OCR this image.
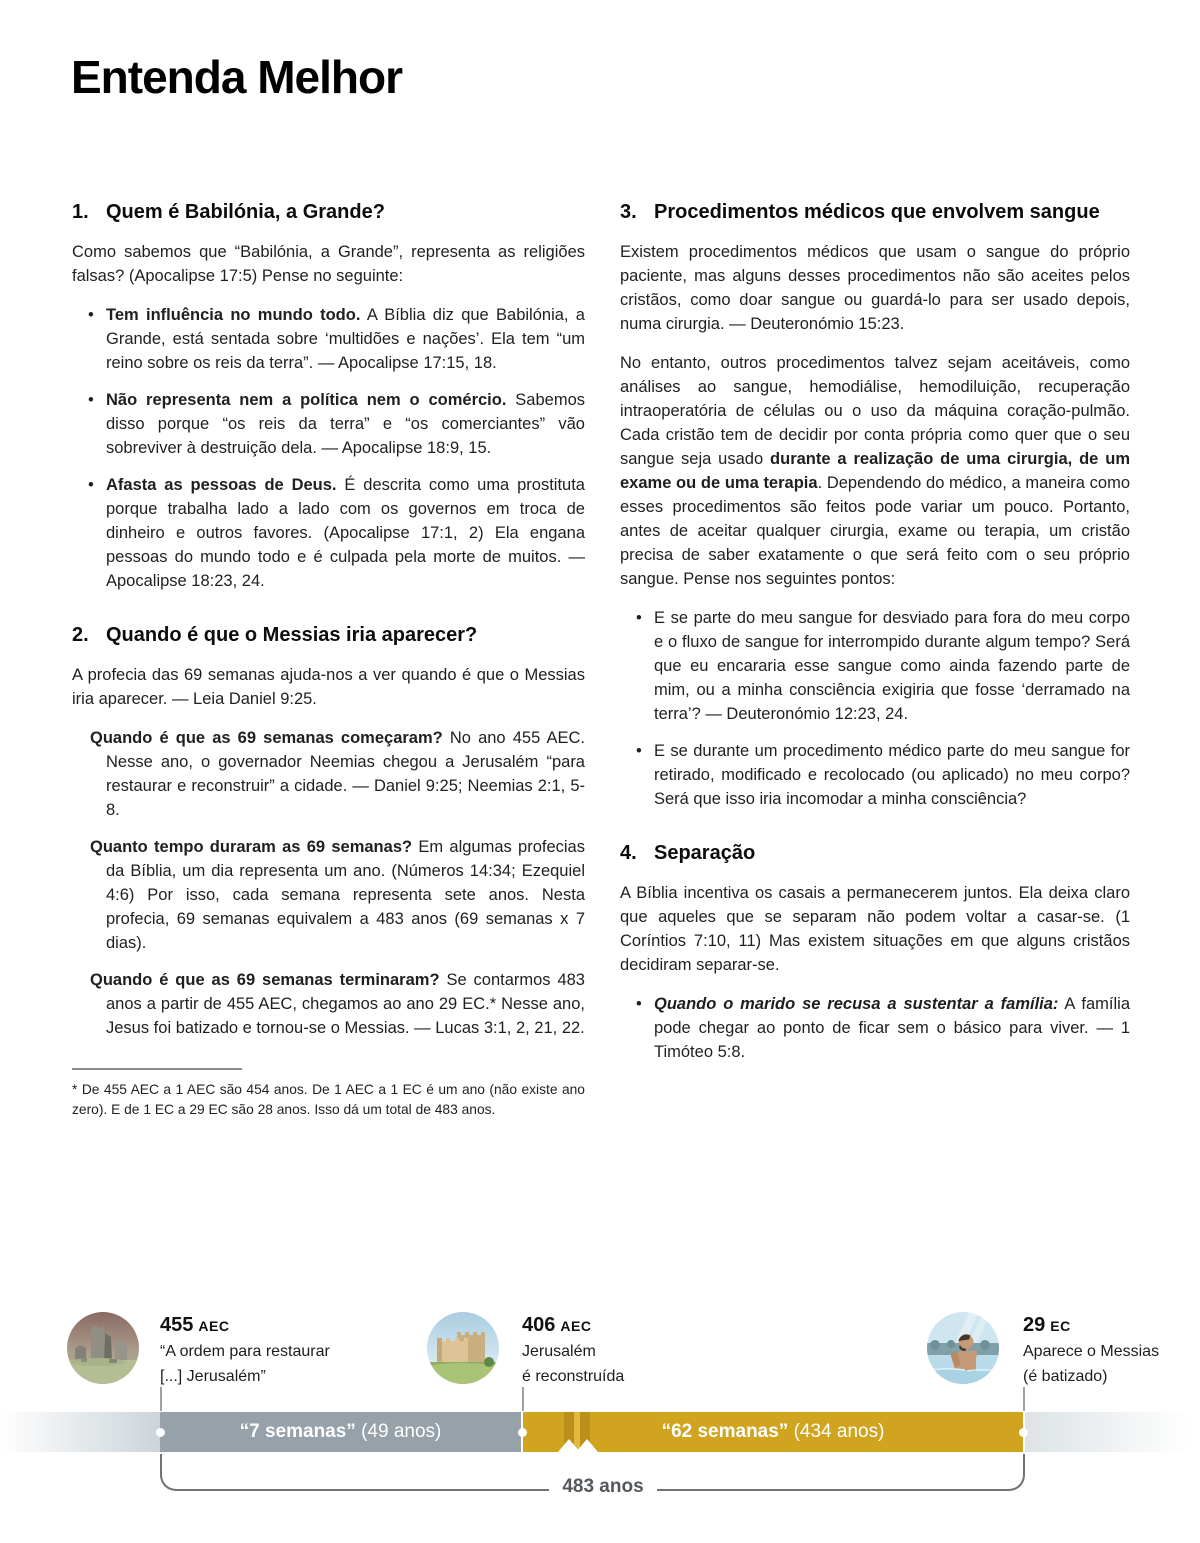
Entenda Melhor
1. Quem é Babilónia, a Grande?

Como sabemos que “Babilónia, a Grande”, representa as religiões falsas? (Apocalipse 17:5) Pense no seguinte:

• Tem influência no mundo todo. A Bíblia diz que Babilónia, a Grande, está sentada sobre ‘multidões e nações’. Ela tem “um reino sobre os reis da terra”. — Apocalipse 17:15, 18.
• Não representa nem a política nem o comércio. Sabemos disso porque “os reis da terra” e “os comerciantes” vão sobreviver à destruição dela. — Apocalipse 18:9, 15.
• Afasta as pessoas de Deus. É descrita como uma prostituta porque trabalha lado a lado com os governos em troca de dinheiro e outros favores. (Apocalipse 17:1, 2) Ela engana pessoas do mundo todo e é culpada pela morte de muitos. — Apocalipse 18:23, 24.
2. Quando é que o Messias iria aparecer?

A profecia das 69 semanas ajuda-nos a ver quando é que o Messias iria aparecer. — Leia Daniel 9:25.

Quando é que as 69 semanas começaram? No ano 455 AEC. Nesse ano, o governador Neemias chegou a Jerusalém “para restaurar e reconstruir” a cidade. — Daniel 9:25; Neemias 2:1, 5-8.
Quanto tempo duraram as 69 semanas? Em algumas profecias da Bíblia, um dia representa um ano. (Números 14:34; Ezequiel 4:6) Por isso, cada semana representa sete anos. Nesta profecia, 69 semanas equivalem a 483 anos (69 semanas x 7 dias).
Quando é que as 69 semanas terminaram? Se contarmos 483 anos a partir de 455 AEC, chegamos ao ano 29 EC.* Nesse ano, Jesus foi batizado e tornou-se o Messias. — Lucas 3:1, 2, 21, 22.

* De 455 AEC a 1 AEC são 454 anos. De 1 AEC a 1 EC é um ano (não existe ano zero). E de 1 EC a 29 EC são 28 anos. Isso dá um total de 483 anos.

3. Procedimentos médicos que envolvem sangue

Existem procedimentos médicos que usam o sangue do próprio paciente, mas alguns desses procedimentos não são aceites pelos cristãos, como doar sangue ou guardá-lo para ser usado depois, numa cirurgia. — Deuteronómio 15:23.

No entanto, outros procedimentos talvez sejam aceitáveis, como análises ao sangue, hemodiálise, hemodiluição, recuperação intraoperatória de células ou o uso da máquina coração-pulmão. Cada cristão tem de decidir por conta própria como quer que o seu sangue seja usado durante a realização de uma cirurgia, de um exame ou de uma terapia. Dependendo do médico, a maneira como esses procedimentos são feitos pode variar um pouco. Portanto, antes de aceitar qualquer cirurgia, exame ou terapia, um cristão precisa de saber exatamente o que será feito com o seu próprio sangue. Pense nos seguintes pontos:

• E se parte do meu sangue for desviado para fora do meu corpo e o fluxo de sangue for interrompido durante algum tempo? Será que eu encararia esse sangue como ainda fazendo parte de mim, ou a minha consciência exigiria que fosse ‘derramado na terra’? — Deuteronómio 12:23, 24.
• E se durante um procedimento médico parte do meu sangue for retirado, modificado e recolocado (ou aplicado) no meu corpo? Será que isso iria incomodar a minha consciência?
4. Separação

A Bíblia incentiva os casais a permanecerem juntos. Ela deixa claro que aqueles que se separam não podem voltar a casar-se. (1 Coríntios 7:10, 11) Mas existem situações em que alguns cristãos decidiram separar-se.

• Quando o marido se recusa a sustentar a família: A família pode chegar ao ponto de ficar sem o básico para viver. — 1 Timóteo 5:8.
455 AEC
“A ordem para restaurar
[...] Jerusalém”
406 AEC
Jerusalém
é reconstruída
29 EC
Aparece o Messias
(é batizado)
“7 semanas” (49 anos)	“62 semanas” (434 anos)
483 anos
